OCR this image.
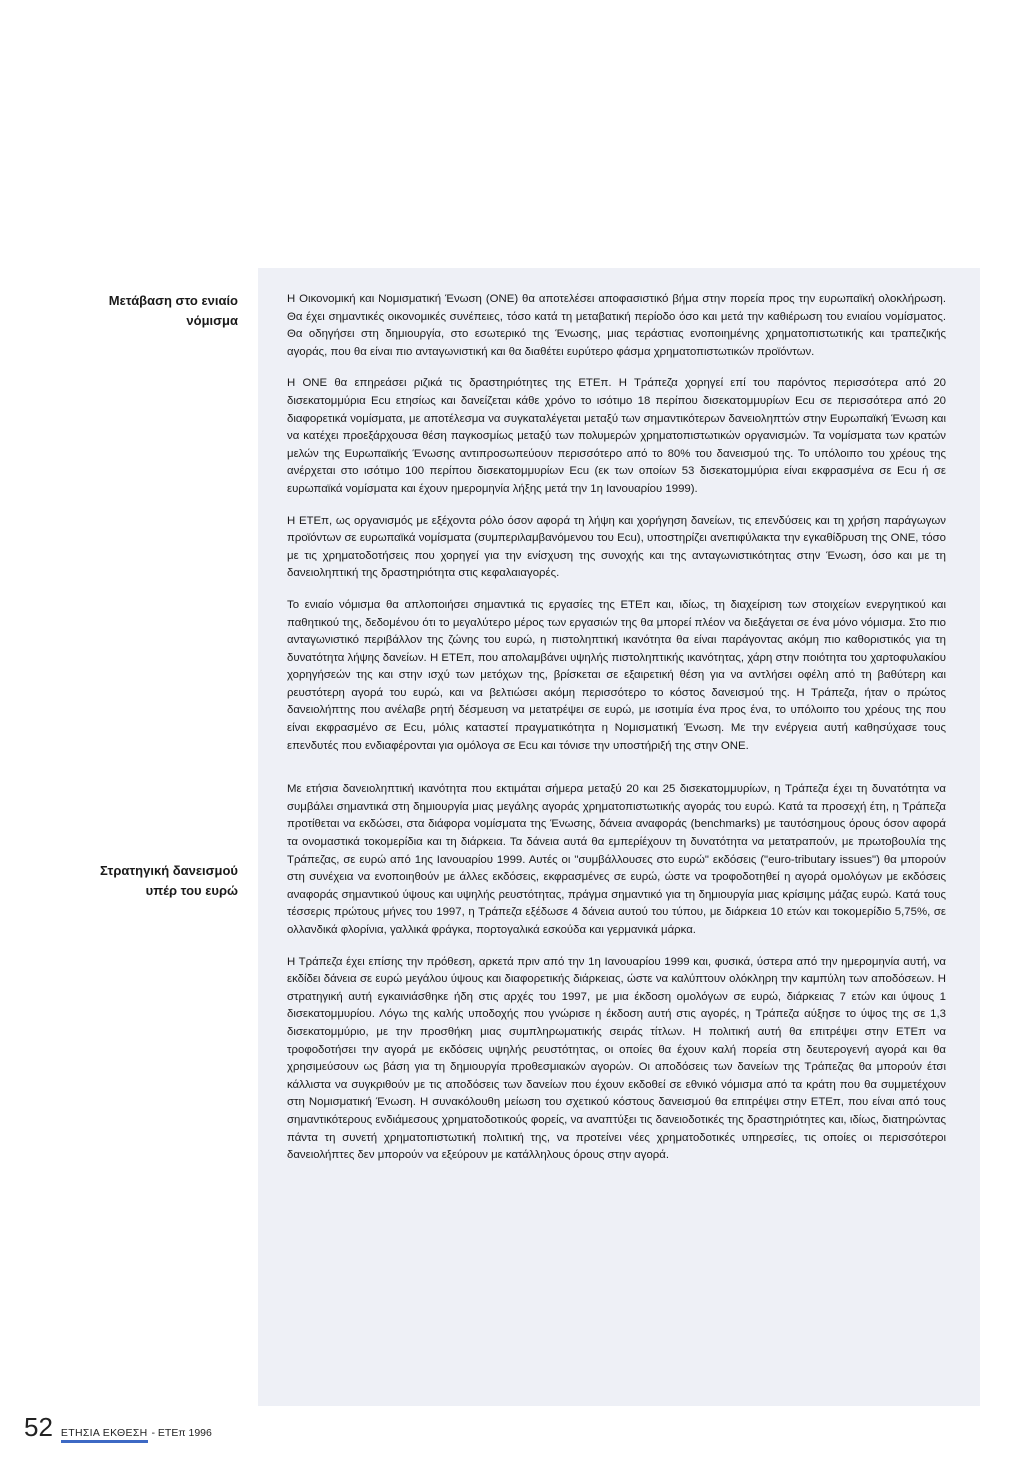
Μετάβαση στο ενιαίο
νόμισμα
Στρατηγική δανεισμού
υπέρ του ευρώ

Η Οικονομική και Νομισματική Ένωση (ΟΝΕ) θα αποτελέσει αποφασιστικό βήμα στην πορεία προς την ευρωπαϊκή ολοκλήρωση. Θα έχει σημαντικές οικονομικές συνέπειες, τόσο κατά τη μεταβατική περίοδο όσο και μετά την καθιέρωση του ενιαίου νομίσματος. Θα οδηγήσει στη δημιουργία, στο εσωτερικό της Ένωσης, μιας τεράστιας ενοποιημένης χρηματοπιστωτικής και τραπεζικής αγοράς, που θα είναι πιο ανταγωνιστική και θα διαθέτει ευρύτερο φάσμα χρηματοπιστωτικών προϊόντων.

Η ΟΝΕ θα επηρεάσει ριζικά τις δραστηριότητες της ΕΤΕπ. Η Τράπεζα χορηγεί επί του παρόντος περισσότερα από 20 δισεκατομμύρια Ecu ετησίως και δανείζεται κάθε χρόνο το ισότιμο 18 περίπου δισεκατομμυρίων Ecu σε περισσότερα από 20 διαφορετικά νομίσματα, με αποτέλεσμα να συγκαταλέγεται μεταξύ των σημαντικότερων δανειοληπτών στην Ευρωπαϊκή Ένωση και να κατέχει προεξάρχουσα θέση παγκοσμίως μεταξύ των πολυμερών χρηματοπιστωτικών οργανισμών. Τα νομίσματα των κρατών μελών της Ευρωπαϊκής Ένωσης αντιπροσωπεύουν περισσότερο από το 80% του δανεισμού της. Το υπόλοιπο του χρέους της ανέρχεται στο ισότιμο 100 περίπου δισεκατομμυρίων Ecu (εκ των οποίων 53 δισεκατομμύρια είναι εκφρασμένα σε Ecu ή σε ευρωπαϊκά νομίσματα και έχουν ημερομηνία λήξης μετά την 1η Ιανουαρίου 1999).

Η ΕΤΕπ, ως οργανισμός με εξέχοντα ρόλο όσον αφορά τη λήψη και χορήγηση δανείων, τις επενδύσεις και τη χρήση παράγωγων προϊόντων σε ευρωπαϊκά νομίσματα (συμπεριλαμβανόμενου του Ecu), υποστηρίζει ανεπιφύλακτα την εγκαθίδρυση της ΟΝΕ, τόσο με τις χρηματοδοτήσεις που χορηγεί για την ενίσχυση της συνοχής και της ανταγωνιστικότητας στην Ένωση, όσο και με τη δανειοληπτική της δραστηριότητα στις κεφαλαιαγορές.

Το ενιαίο νόμισμα θα απλοποιήσει σημαντικά τις εργασίες της ΕΤΕπ και, ιδίως, τη διαχείριση των στοιχείων ενεργητικού και παθητικού της, δεδομένου ότι το μεγαλύτερο μέρος των εργασιών της θα μπορεί πλέον να διεξάγεται σε ένα μόνο νόμισμα. Στο πιο ανταγωνιστικό περιβάλλον της ζώνης του ευρώ, η πιστοληπτική ικανότητα θα είναι παράγοντας ακόμη πιο καθοριστικός για τη δυνατότητα λήψης δανείων. Η ΕΤΕπ, που απολαμβάνει υψηλής πιστοληπτικής ικανότητας, χάρη στην ποιότητα του χαρτοφυλακίου χορηγήσεών της και στην ισχύ των μετόχων της, βρίσκεται σε εξαιρετική θέση για να αντλήσει οφέλη από τη βαθύτερη και ρευστότερη αγορά του ευρώ, και να βελτιώσει ακόμη περισσότερο το κόστος δανεισμού της. Η Τράπεζα, ήταν ο πρώτος δανειολήπτης που ανέλαβε ρητή δέσμευση να μετατρέψει σε ευρώ, με ισοτιμία ένα προς ένα, το υπόλοιπο του χρέους της που είναι εκφρασμένο σε Ecu, μόλις καταστεί πραγματικότητα η Νομισματική Ένωση. Με την ενέργεια αυτή καθησύχασε τους επενδυτές που ενδιαφέρονται για ομόλογα σε Ecu και τόνισε την υποστήριξή της στην ΟΝΕ.

Με ετήσια δανειοληπτική ικανότητα που εκτιμάται σήμερα μεταξύ 20 και 25 δισεκατομμυρίων, η Τράπεζα έχει τη δυνατότητα να συμβάλει σημαντικά στη δημιουργία μιας μεγάλης αγοράς χρηματοπιστωτικής αγοράς του ευρώ. Κατά τα προσεχή έτη, η Τράπεζα προτίθεται να εκδώσει, στα διάφορα νομίσματα της Ένωσης, δάνεια αναφοράς (benchmarks) με ταυτόσημους όρους όσον αφορά τα ονομαστικά τοκομερίδια και τη διάρκεια. Τα δάνεια αυτά θα εμπερίέχουν τη δυνατότητα να μετατραπούν, με πρωτοβουλία της Τράπεζας, σε ευρώ από 1ης Ιανουαρίου 1999. Αυτές οι "συμβάλλουσες στο ευρώ" εκδόσεις ("euro-tributary issues") θα μπορούν στη συνέχεια να ενοποιηθούν με άλλες εκδόσεις, εκφρασμένες σε ευρώ, ώστε να τροφοδοτηθεί η αγορά ομολόγων με εκδόσεις αναφοράς σημαντικού ύψους και υψηλής ρευστότητας, πράγμα σημαντικό για τη δημιουργία μιας κρίσιμης μάζας ευρώ. Κατά τους τέσσερις πρώτους μήνες του 1997, η Τράπεζα εξέδωσε 4 δάνεια αυτού του τύπου, με διάρκεια 10 ετών και τοκομερίδιο 5,75%, σε ολλανδικά φλορίνια, γαλλικά φράγκα, πορτογαλικά εσκούδα και γερμανικά μάρκα.

Η Τράπεζα έχει επίσης την πρόθεση, αρκετά πριν από την 1η Ιανουαρίου 1999 και, φυσικά, ύστερα από την ημερομηνία αυτή, να εκδίδει δάνεια σε ευρώ μεγάλου ύψους και διαφορετικής διάρκειας, ώστε να καλύπτουν ολόκληρη την καμπύλη των αποδόσεων. Η στρατηγική αυτή εγκαινιάσθηκε ήδη στις αρχές του 1997, με μια έκδοση ομολόγων σε ευρώ, διάρκειας 7 ετών και ύψους 1 δισεκατομμυρίου. Λόγω της καλής υποδοχής που γνώρισε η έκδοση αυτή στις αγορές, η Τράπεζα αύξησε το ύψος της σε 1,3 δισεκατομμύριο, με την προσθήκη μιας συμπληρωματικής σειράς τίτλων. Η πολιτική αυτή θα επιτρέψει στην ΕΤΕπ να τροφοδοτήσει την αγορά με εκδόσεις υψηλής ρευστότητας, οι οποίες θα έχουν καλή πορεία στη δευτερογενή αγορά και θα χρησιμεύσουν ως βάση για τη δημιουργία προθεσμιακών αγορών. Οι αποδόσεις των δανείων της Τράπεζας θα μπορούν έτσι κάλλιστα να συγκριθούν με τις αποδόσεις των δανείων που έχουν εκδοθεί σε εθνικό νόμισμα από τα κράτη που θα συμμετέχουν στη Νομισματική Ένωση. Η συνακόλουθη μείωση του σχετικού κόστους δανεισμού θα επιτρέψει στην ΕΤΕπ, που είναι από τους σημαντικότερους ενδιάμεσους χρηματοδοτικούς φορείς, να αναπτύξει τις δανειοδοτικές της δραστηριότητες και, ιδίως, διατηρώντας πάντα τη συνετή χρηματοπιστωτική πολιτική της, να προτείνει νέες χρηματοδοτικές υπηρεσίες, τις οποίες οι περισσότεροι δανειολήπτες δεν μπορούν να εξεύρουν με κατάλληλους όρους στην αγορά.

52 ΕΤΗΣΙΑ ΕΚΘΕΣΗ - ΕΤΕπ 1996
